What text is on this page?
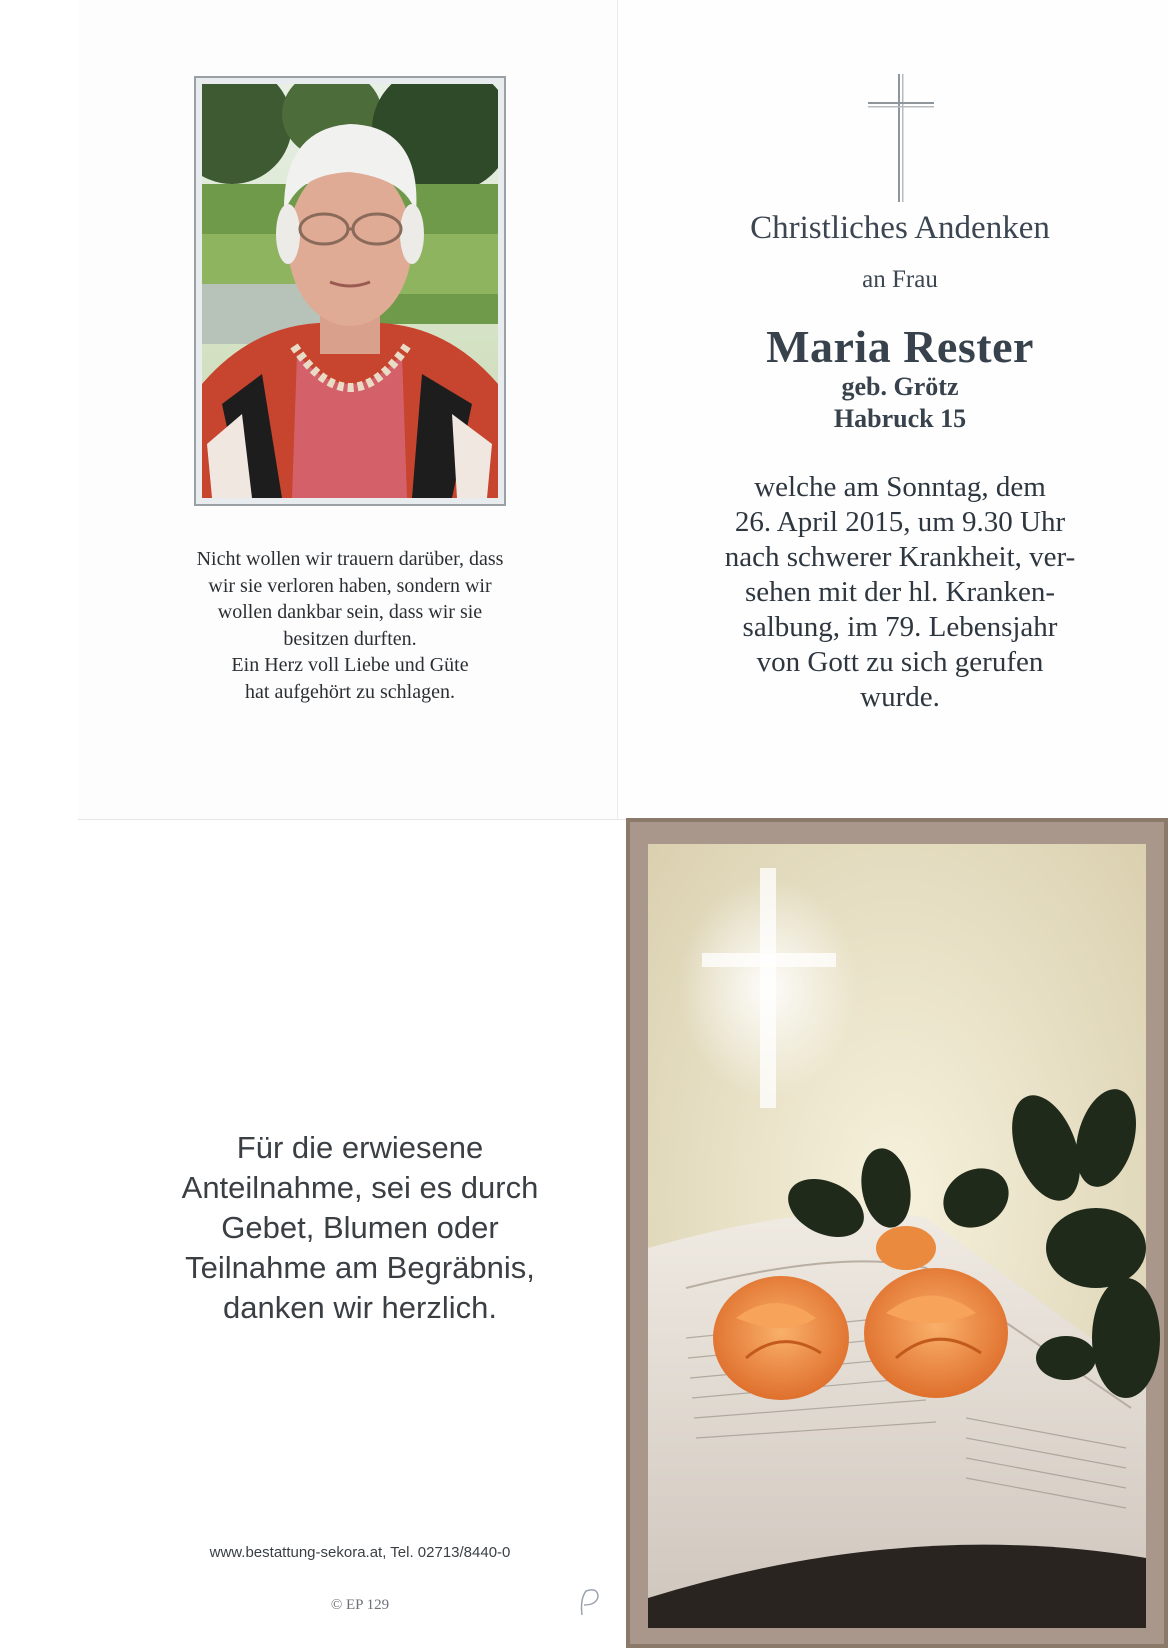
Nicht wollen wir trauern darüber, dass
wir sie verloren haben, sondern wir
wollen dankbar sein, dass wir sie
besitzen durften.
Ein Herz voll Liebe und Güte
hat aufgehört zu schlagen.
Christliches Andenken
an Frau
Maria Rester
geb. Grötz
Habruck 15
welche am Sonntag, dem
26. April 2015, um 9.30 Uhr
nach schwerer Krankheit, ver-
sehen mit der hl. Kranken-
salbung, im 79. Lebensjahr
von Gott zu sich gerufen
wurde.
Für die erwiesene
Anteilnahme, sei es durch
Gebet, Blumen oder
Teilnahme am Begräbnis,
danken wir herzlich.
www.bestattung-sekora.at, Tel. 02713/8440-0
© EP 129
